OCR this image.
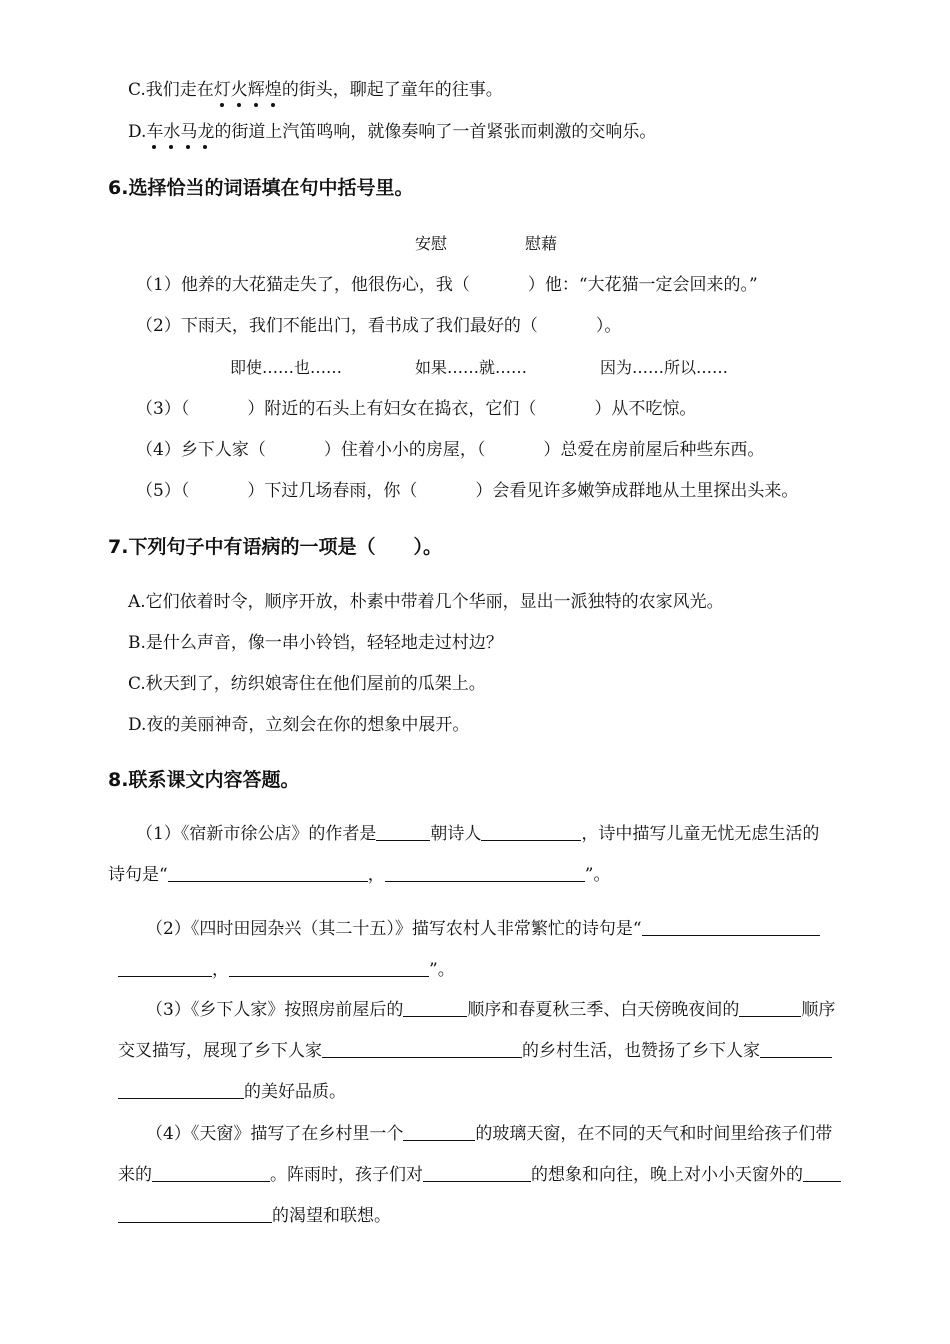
C.我们走在灯火辉煌
的街头，聊起了童年的往事。
D.车水马龙
的街道上汽笛鸣响，就像奏响了一首紧张而刺激的交响乐。
6.选择恰当的词语填在句中括号里。
安慰	慰藉
（1）他养的大花猫走失了，他很伤心，我（	）他：“大花猫一定会回来的。”
（2）下雨天，我们不能出门，看书成了我们最好的（	）。
即使……也……	如果……就……	因为……所以……
（3）（	）附近的石头上有妇女在捣衣，它们（	）从不吃惊。
（4）乡下人家（	）住着小小的房屋，（	）总爱在房前屋后种些东西。
（5）（	）下过几场春雨，你（	）会看见许多嫩笋成群地从土里探出头来。
7.下列句子中有语病的一项是（　　）。
A.它们依着时令，顺序开放，朴素中带着几个华丽，显出一派独特的农家风光。
B.是什么声音，像一串小铃铛，轻轻地走过村边？
C.秋天到了，纺织娘寄住在他们屋前的瓜架上。
D.夜的美丽神奇，立刻会在你的想象中展开。
8.联系课文内容答题。
（1）《宿新市徐公店》的作者是	朝诗人	，诗中描写儿童无忧无虑生活的
诗句是“	，	”。
（2）《四时田园杂兴（其二十五）》描写农村人非常繁忙的诗句是“
，	”。
（3）《乡下人家》按照房前屋后的	顺序和春夏秋三季、白天傍晚夜间的	顺序
交叉描写，展现了乡下人家	的乡村生活，也赞扬了乡下人家
的美好品质。
（4）《天窗》描写了在乡村里一个	的玻璃天窗，在不同的天气和时间里给孩子们带
来的	。阵雨时，孩子们对	的想象和向往，晚上对小小天窗外的
的渴望和联想。
